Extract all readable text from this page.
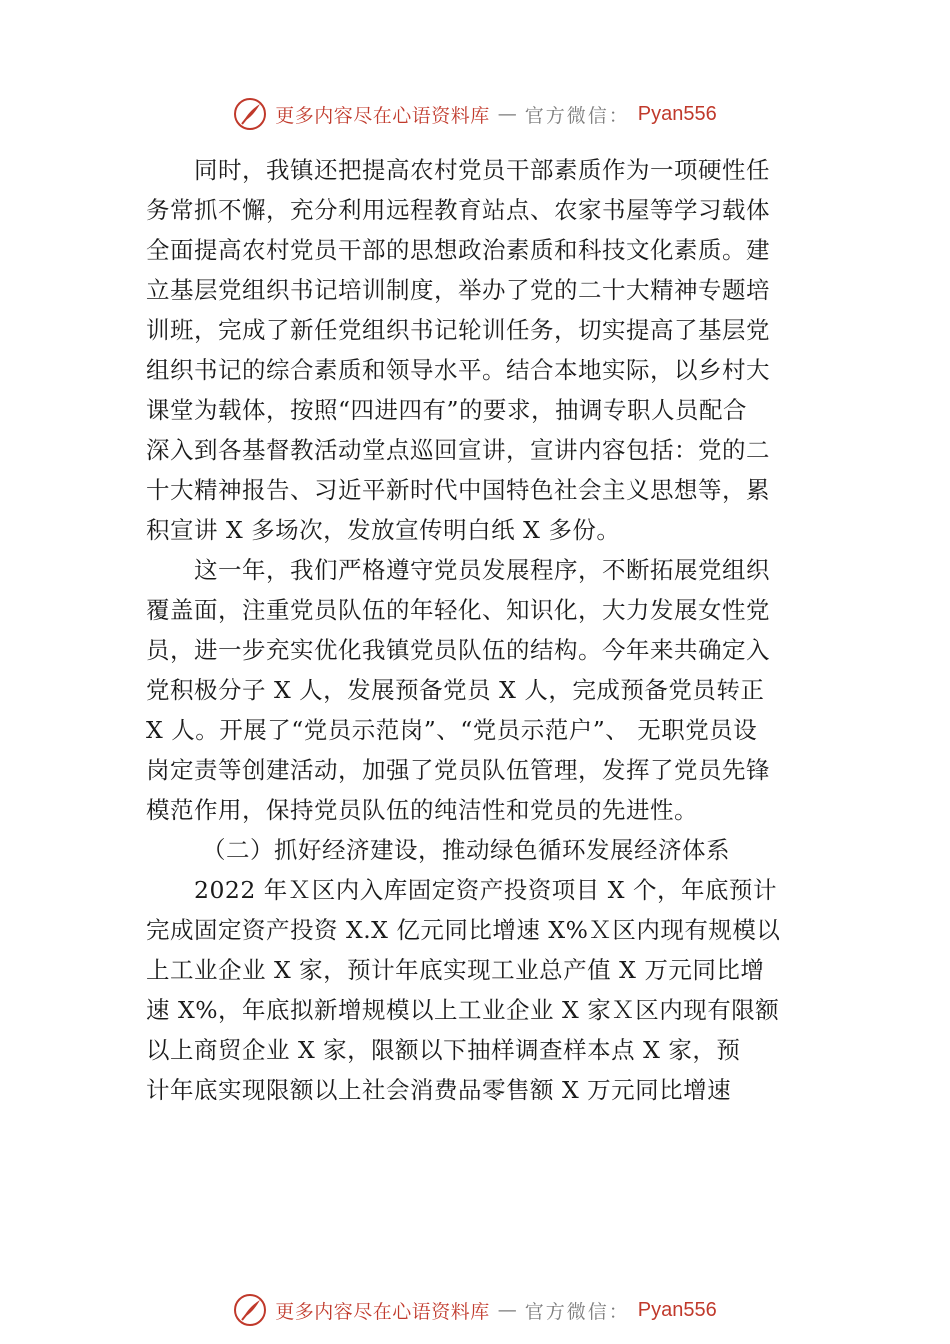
更多内容尽在心语资料库 — 官方微信： Pyan556
同时，我镇还把提高农村党员干部素质作为一项硬性任
务常抓不懈，充分利用远程教育站点、农家书屋等学习载体
全面提高农村党员干部的思想政治素质和科技文化素质。建
立基层党组织书记培训制度，举办了党的二十大精神专题培
训班，完成了新任党组织书记轮训任务，切实提高了基层党
组织书记的综合素质和领导水平。结合本地实际，以乡村大
课堂为载体，按照“四进四有”的要求，抽调专职人员配合
深入到各基督教活动堂点巡回宣讲，宣讲内容包括：党的二
十大精神报告、习近平新时代中国特色社会主义思想等，累
积宣讲 X 多场次，发放宣传明白纸 X 多份。
这一年，我们严格遵守党员发展程序，不断拓展党组织
覆盖面，注重党员队伍的年轻化、知识化，大力发展女性党
员，进一步充实优化我镇党员队伍的结构。今年来共确定入
党积极分子 X 人，发展预备党员 X 人，完成预备党员转正
X 人。开展了“党员示范岗”、“党员示范户”、 无职党员设
岗定责等创建活动，加强了党员队伍管理，发挥了党员先锋
模范作用，保持党员队伍的纯洁性和党员的先进性。
（二）抓好经济建设，推动绿色循环发展经济体系
2022 年Ｘ区内入库固定资产投资项目 X 个，年底预计
完成固定资产投资 X.X 亿元同比增速 X%Ｘ区内现有规模以
上工业企业 X 家，预计年底实现工业总产值 X 万元同比增
速 X%，年底拟新增规模以上工业企业 X 家Ｘ区内现有限额
以上商贸企业 X 家，限额以下抽样调查样本点 X 家，预
计年底实现限额以上社会消费品零售额 X 万元同比增速
更多内容尽在心语资料库 — 官方微信： Pyan556
